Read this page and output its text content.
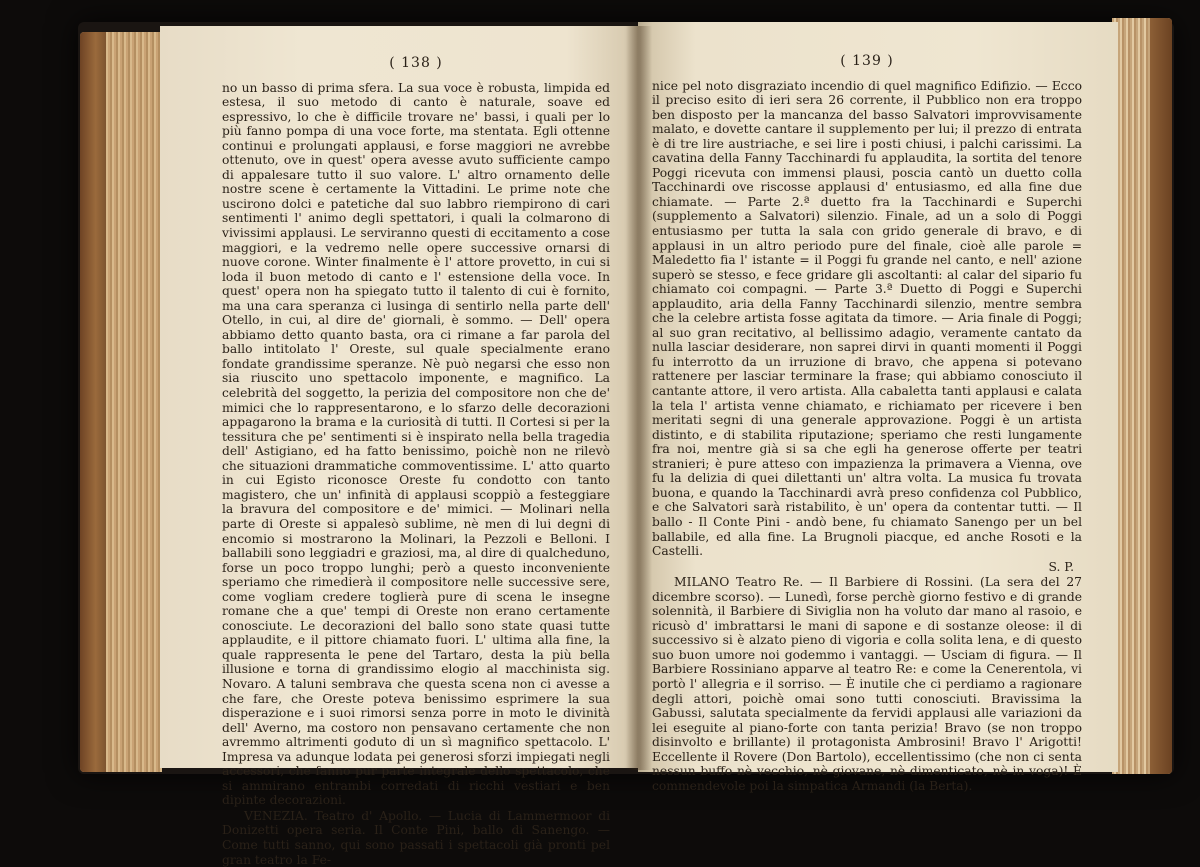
( 138 )

no un basso di prima sfera. La sua voce è robusta, limpida ed estesa, il suo metodo di canto è naturale, soave ed espressivo, lo che è difficile trovare ne' bassi, i quali per lo più fanno pompa di una voce forte, ma stentata. Egli ottenne continui e prolungati applausi, e forse maggiori ne avrebbe ottenuto, ove in quest' opera avesse avuto sufficiente campo di appalesare tutto il suo valore. L' altro ornamento delle nostre scene è certamente la Vittadini. Le prime note che uscirono dolci e patetiche dal suo labbro riempirono di cari sentimenti l' animo degli spettatori, i quali la colmarono di vivissimi applausi. Le serviranno questi di eccitamento a cose maggiori, e la vedremo nelle opere successive ornarsi di nuove corone. Winter finalmente è l' attore provetto, in cui si loda il buon metodo di canto e l' estensione della voce. In quest' opera non ha spiegato tutto il talento di cui è fornito, ma una cara speranza ci lusinga di sentirlo nella parte dell' Otello, in cui, al dire de' giornali, è sommo. — Dell' opera abbiamo detto quanto basta, ora ci rimane a far parola del ballo intitolato l' Oreste, sul quale specialmente erano fondate grandissime speranze. Nè può negarsi che esso non sia riuscito uno spettacolo imponente, e magnifico. La celebrità del soggetto, la perizia del compositore non che de' mimici che lo rappresentarono, e lo sfarzo delle decorazioni appagarono la brama e la curiosità di tutti. Il Cortesi si per la tessitura che pe' sentimenti si è inspirato nella bella tragedia dell' Astigiano, ed ha fatto benissimo, poichè non ne rilevò che situazioni drammatiche commoventissime. L' atto quarto in cui Egisto riconosce Oreste fu condotto con tanto magistero, che un' infinità di applausi scoppiò a festeggiare la bravura del compositore e de' mimici. — Molinari nella parte di Oreste si appalesò sublime, nè men di lui degni di encomio si mostrarono la Molinari, la Pezzoli e Belloni. I ballabili sono leggiadri e graziosi, ma, al dire di qualcheduno, forse un poco troppo lunghi; però a questo inconveniente speriamo che rimedierà il compositore nelle successive sere, come vogliam credere toglierà pure di scena le insegne romane che a que' tempi di Oreste non erano certamente conosciute. Le decorazioni del ballo sono state quasi tutte applaudite, e il pittore chiamato fuori. L' ultima alla fine, la quale rappresenta le pene del Tartaro, desta la più bella illusione e torna di grandissimo elogio al macchinista sig. Novaro. A taluni sembrava che questa scena non ci avesse a che fare, che Oreste poteva benissimo esprimere la sua disperazione e i suoi rimorsi senza porre in moto le divinità dell' Averno, ma costoro non pensavano certamente che non avremmo altrimenti goduto di un sì magnifico spettacolo. L' Impresa va adunque lodata pei generosi sforzi impiegati negli accessori, che fanno pur parte integrale dello spettacolo, che si ammirano entrambi corredati di ricchi vestiari e ben dipinte decorazioni.

VENEZIA. Teatro d' Apollo. — Lucia di Lammermoor di Donizetti opera seria. Il Conte Pini, ballo di Sanengo. — Come tutti sanno, qui sono passati i spettacoli già pronti pel gran teatro la Fe-

( 139 )

nice pel noto disgraziato incendio di quel magnifico Edifizio. — Ecco il preciso esito di ieri sera 26 corrente, il Pubblico non era troppo ben disposto per la mancanza del basso Salvatori improvvisamente malato, e dovette cantare il supplemento per lui; il prezzo di entrata è di tre lire austriache, e sei lire i posti chiusi, i palchi carissimi. La cavatina della Fanny Tacchinardi fu applaudita, la sortita del tenore Poggi ricevuta con immensi plausi, poscia cantò un duetto colla Tacchinardi ove riscosse applausi d' entusiasmo, ed alla fine due chiamate. — Parte 2.ª duetto fra la Tacchinardi e Superchi (supplemento a Salvatori) silenzio. Finale, ad un a solo di Poggi entusiasmo per tutta la sala con grido generale di bravo, e di applausi in un altro periodo pure del finale, cioè alle parole = Maledetto fia l' istante = il Poggi fu grande nel canto, e nell' azione superò se stesso, e fece gridare gli ascoltanti: al calar del sipario fu chiamato coi compagni. — Parte 3.ª Duetto di Poggi e Superchi applaudito, aria della Fanny Tacchinardi silenzio, mentre sembra che la celebre artista fosse agitata da timore. — Aria finale di Poggi; al suo gran recitativo, al bellissimo adagio, veramente cantato da nulla lasciar desiderare, non saprei dirvi in quanti momenti il Poggi fu interrotto da un irruzione di bravo, che appena si potevano rattenere per lasciar terminare la frase; qui abbiamo conosciuto il cantante attore, il vero artista. Alla cabaletta tanti applausi e calata la tela l' artista venne chiamato, e richiamato per ricevere i ben meritati segni di una generale approvazione. Poggi è un artista distinto, e di stabilita riputazione; speriamo che resti lungamente fra noi, mentre già si sa che egli ha generose offerte per teatri stranieri; è pure atteso con impazienza la primavera a Vienna, ove fu la delizia di quei dilettanti un' altra volta. La musica fu trovata buona, e quando la Tacchinardi avrà preso confidenza col Pubblico, e che Salvatori sarà ristabilito, è un' opera da contentar tutti. — Il ballo - Il Conte Pini - andò bene, fu chiamato Sanengo per un bel ballabile, ed alla fine. La Brugnoli piacque, ed anche Rosoti e la Castelli.

S. P.

MILANO Teatro Re. — Il Barbiere di Rossini. (La sera del 27 dicembre scorso). — Lunedì, forse perchè giorno festivo e di grande solennità, il Barbiere di Siviglia non ha voluto dar mano al rasoio, e ricusò d' imbrattarsi le mani di sapone e di sostanze oleose: il di successivo si è alzato pieno di vigoria e colla solita lena, e di questo suo buon umore noi godemmo i vantaggi. — Usciam di figura. — Il Barbiere Rossiniano apparve al teatro Re: e come la Cenerentola, vi portò l' allegria e il sorriso. — È inutile che ci perdiamo a ragionare degli attori, poichè omai sono tutti conosciuti. Bravissima la Gabussi, salutata specialmente da fervidi applausi alle variazioni da lei eseguite al piano-forte con tanta perizia! Bravo (se non troppo disinvolto e brillante) il protagonista Ambrosini! Bravo l' Arigotti! Eccellente il Rovere (Don Bartolo), eccellentissimo (che non ci senta nessun buffo nè vecchio, nè giovane, nè dimenticato, nè in voga)! È commendevole poi la simpatica Armandi (la Berta).
